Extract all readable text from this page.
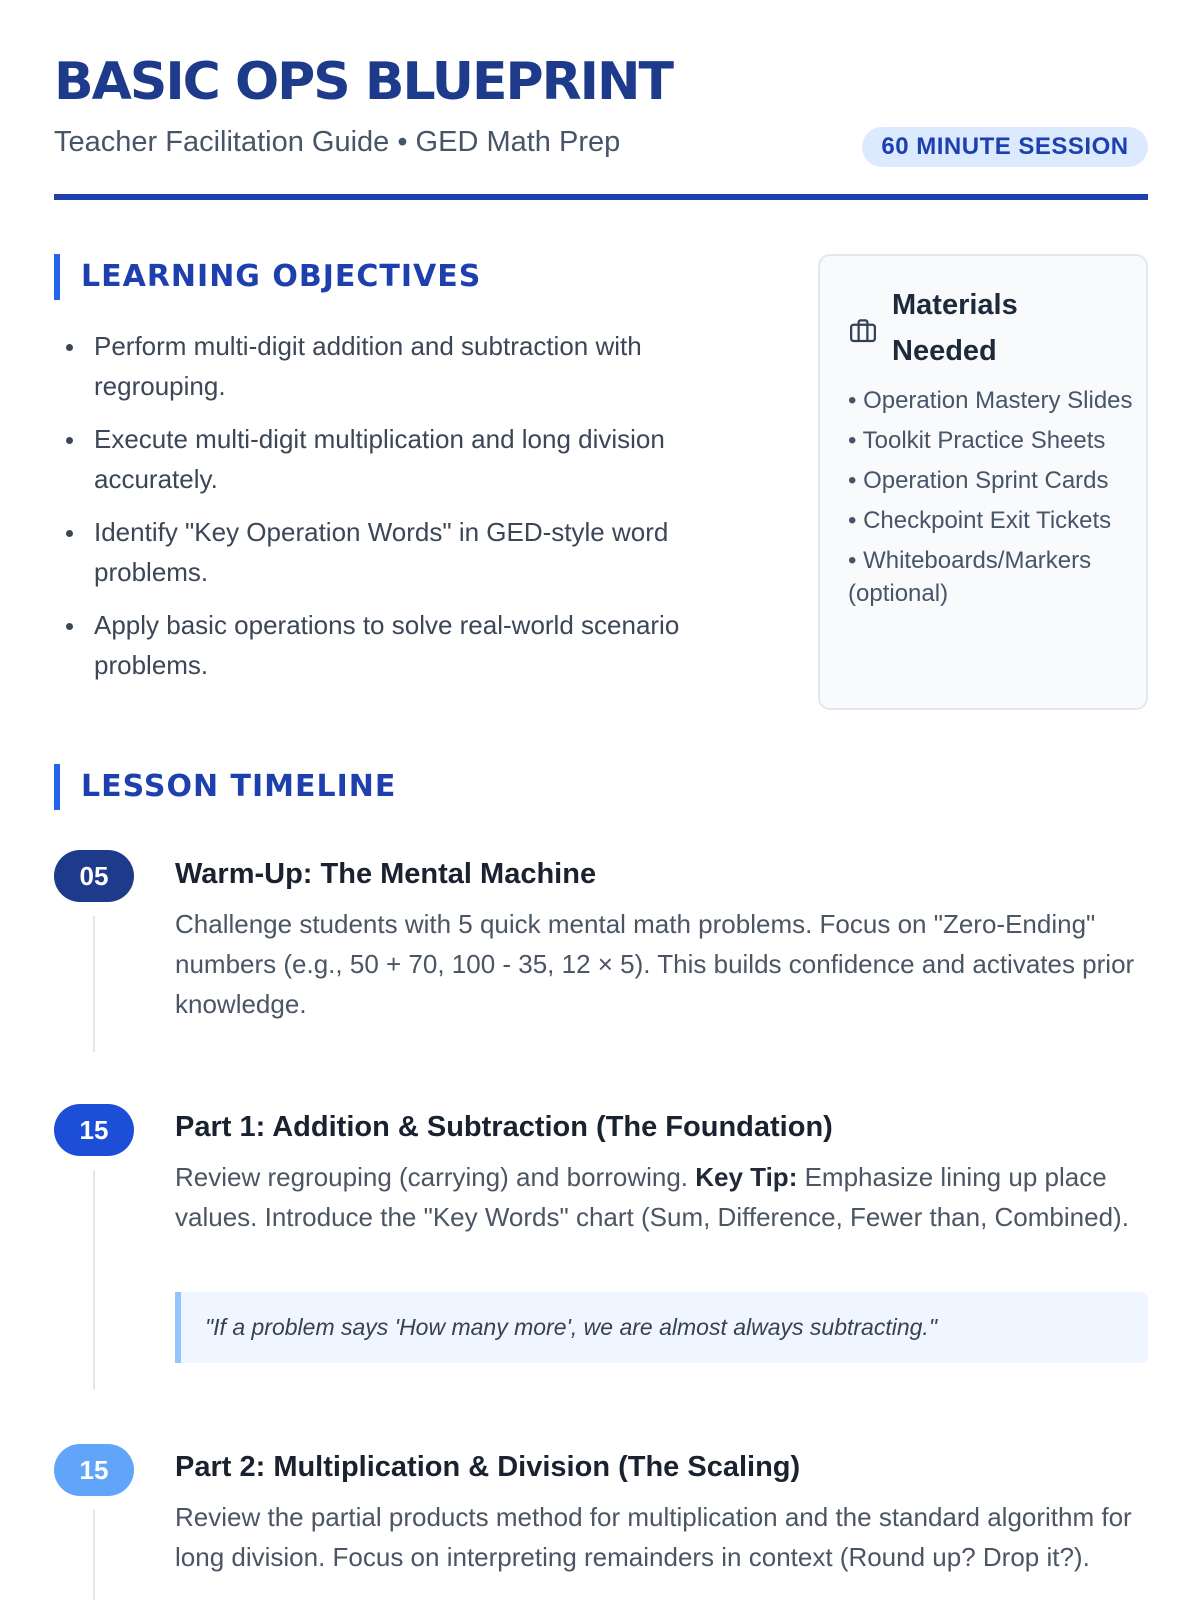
BASIC OPS BLUEPRINT
Teacher Facilitation Guide • GED Math Prep	60 MINUTE SESSION
LEARNING OBJECTIVES
Perform multi-digit addition and subtraction with regrouping.
Execute multi-digit multiplication and long division accurately.
Identify "Key Operation Words" in GED-style word problems.
Apply basic operations to solve real-world scenario problems.
Materials Needed
• Operation Mastery Slides
• Toolkit Practice Sheets
• Operation Sprint Cards
• Checkpoint Exit Tickets
• Whiteboards/Markers (optional)
LESSON TIMELINE
05	Warm-Up: The Mental Machine

Challenge students with 5 quick mental math problems. Focus on "Zero-Ending" numbers (e.g., 50 + 70, 100 - 35, 12 × 5). This builds confidence and activates prior knowledge.

15	Part 1: Addition & Subtraction (The Foundation)

Review regrouping (carrying) and borrowing. Key Tip: Emphasize lining up place values. Introduce the "Key Words" chart (Sum, Difference, Fewer than, Combined).

"If a problem says 'How many more', we are almost always subtracting."
15	Part 2: Multiplication & Division (The Scaling)

Review the partial products method for multiplication and the standard algorithm for long division. Focus on interpreting remainders in context (Round up? Drop it?).
